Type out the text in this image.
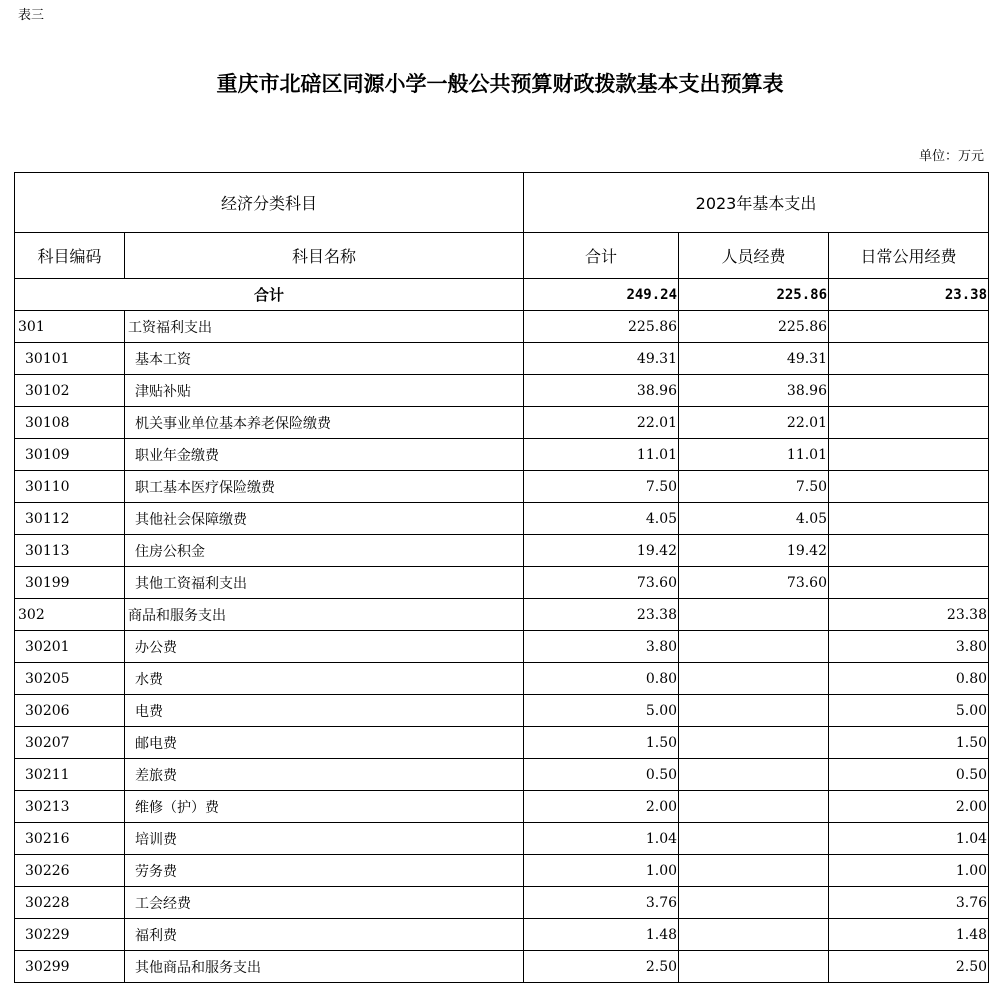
表三
重庆市北碚区同源小学一般公共预算财政拨款基本支出预算表
单位：万元
经济分类科目		2023年基本支出		
科目编码	科目名称	合计	人员经费	日常公用经费
合计		249.24	225.86	23.38
301	工资福利支出	225.86	225.86	
30101	基本工资	49.31	49.31	
30102	津贴补贴	38.96	38.96	
30108	机关事业单位基本养老保险缴费	22.01	22.01	
30109	职业年金缴费	11.01	11.01	
30110	职工基本医疗保险缴费	7.50	7.50	
30112	其他社会保障缴费	4.05	4.05	
30113	住房公积金	19.42	19.42	
30199	其他工资福利支出	73.60	73.60	
302	商品和服务支出	23.38		23.38
30201	办公费	3.80		3.80
30205	水费	0.80		0.80
30206	电费	5.00		5.00
30207	邮电费	1.50		1.50
30211	差旅费	0.50		0.50
30213	维修（护）费	2.00		2.00
30216	培训费	1.04		1.04
30226	劳务费	1.00		1.00
30228	工会经费	3.76		3.76
30229	福利费	1.48		1.48
30299	其他商品和服务支出	2.50		2.50
